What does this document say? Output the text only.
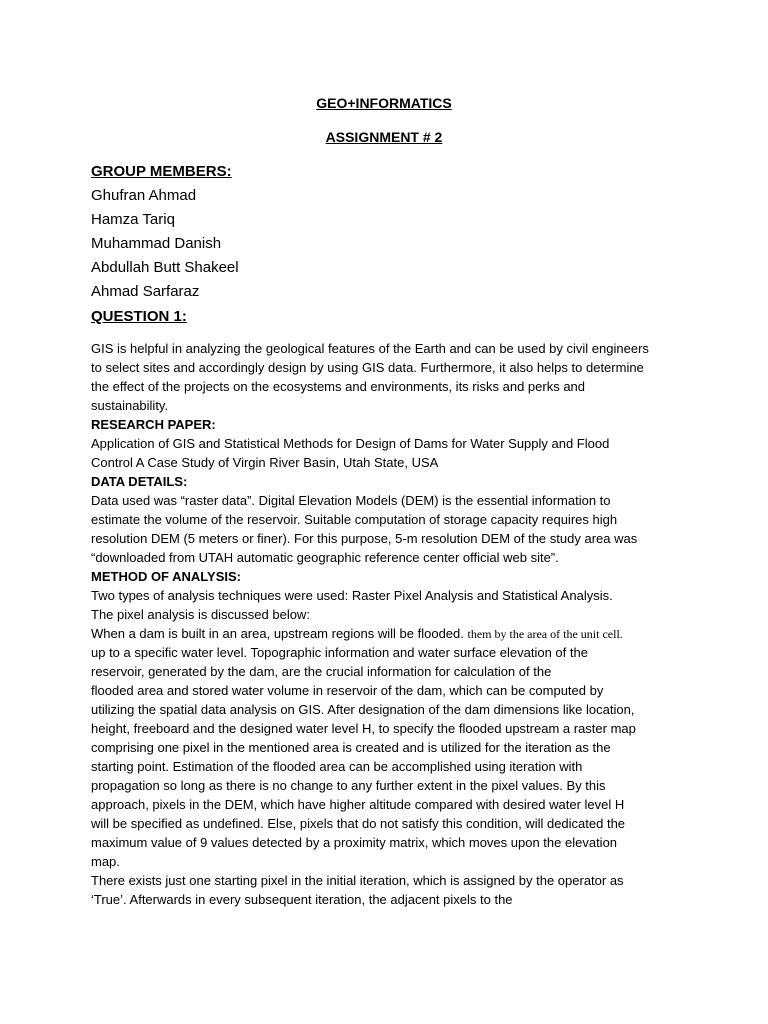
GEO+INFORMATICS
ASSIGNMENT # 2
GROUP MEMBERS:
Ghufran Ahmad
Hamza Tariq
Muhammad Danish
Abdullah Butt Shakeel
Ahmad Sarfaraz
QUESTION 1:
GIS is helpful in analyzing the geological features of the Earth and can be used by civil engineers
to select sites and accordingly design by using GIS data. Furthermore, it also helps to determine
the effect of the projects on the ecosystems and environments, its risks and perks and
sustainability.
RESEARCH PAPER:
Application of GIS and Statistical Methods for Design of Dams for Water Supply and Flood
Control A Case Study of Virgin River Basin, Utah State, USA
DATA DETAILS:
Data used was “raster data”. Digital Elevation Models (DEM) is the essential information to
estimate the volume of the reservoir. Suitable computation of storage capacity requires high
resolution DEM (5 meters or finer). For this purpose, 5-m resolution DEM of the study area was
“downloaded from UTAH automatic geographic reference center official web site”.
METHOD OF ANALYSIS:
Two types of analysis techniques were used: Raster Pixel Analysis and Statistical Analysis.
The pixel analysis is discussed below:
When a dam is built in an area, upstream regions will be flooded. them by the area of the unit cell.
up to a specific water level. Topographic information and water surface elevation of the
reservoir, generated by the dam, are the crucial information for calculation of the
flooded area and stored water volume in reservoir of the dam, which can be computed by
utilizing the spatial data analysis on GIS. After designation of the dam dimensions like location,
height, freeboard and the designed water level H, to specify the flooded upstream a raster map
comprising one pixel in the mentioned area is created and is utilized for the iteration as the
starting point. Estimation of the flooded area can be accomplished using iteration with
propagation so long as there is no change to any further extent in the pixel values. By this
approach, pixels in the DEM, which have higher altitude compared with desired water level H
will be specified as undefined. Else, pixels that do not satisfy this condition, will dedicated the
maximum value of 9 values detected by a proximity matrix, which moves upon the elevation
map.
There exists just one starting pixel in the initial iteration, which is assigned by the operator as
‘True’. Afterwards in every subsequent iteration, the adjacent pixels to the
